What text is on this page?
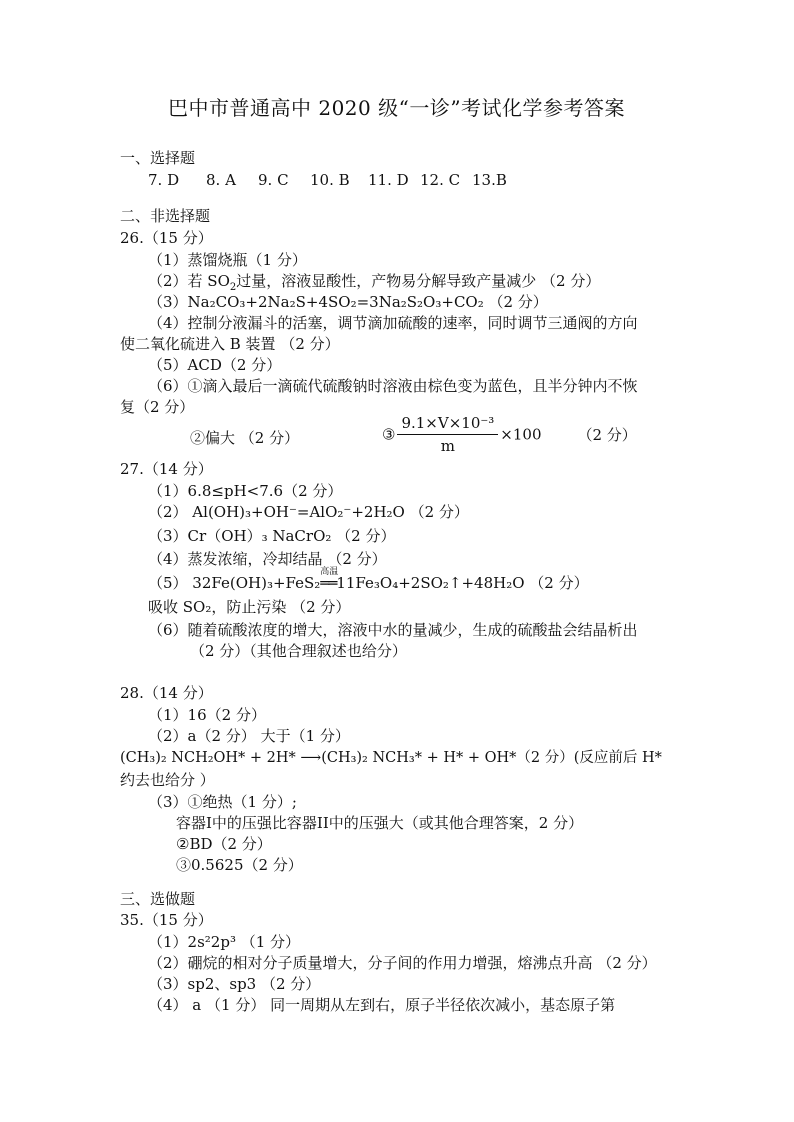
巴中市普通高中 2020 级“一诊”考试化学参考答案
一、选择题
7. D 8. A 9. C 10. B 11. D 12. C 13.B
二、非选择题
26.（15 分）
（1）蒸馏烧瓶（1 分）
（2）若 $SO_2$过量，溶液显酸性，产物易分解导致产量减少 （2 分）
（3）Na₂CO₃+2Na₂S+4SO₂=3Na₂S₂O₃+CO₂ （2 分）
（4）控制分液漏斗的活塞，调节滴加硫酸的速率，同时调节三通阀的方向
使二氧化硫进入 B 装置 （2 分）
（5）ACD（2 分）
（6）①滴入最后一滴硫代硫酸钠时溶液由棕色变为蓝色，且半分钟内不恢
复（2 分）
②偏大 （2 分）	③ $\frac{\text{9.1×V×10⁻³}}{m} \times 100$ （2 分）
27.（14 分）
（1）6.8≤pH<7.6（2 分）
（2） Al(OH)₃+OH⁻=AlO₂⁻+2H₂O （2 分）
（3）Cr（OH）₃ NaCrO₂ （2 分）
（4）蒸发浓缩，冷却结晶 （2 分）
（5） 32Fe(OH)₃+FeS₂
高温
══11Fe₃O₄+2SO₂↑+48H₂O （2 分）
吸收 SO₂，防止污染 （2 分）
（6）随着硫酸浓度的增大，溶液中水的量减少，生成的硫酸盐会结晶析出
（2 分）（其他合理叙述也给分）
28.（14 分）
（1）16（2 分）
（2）a（2 分） 大于（1 分）
(CH₃)₂ NCH₂OH* + 2H* ⟶(CH₃)₂ NCH₃* + H* + OH*（2 分）(反应前后 H*
约去也给分 ）
（3）①绝热（1 分）;
容器I中的压强比容器II中的压强大（或其他合理答案，2 分）
②BD（2 分）
③0.5625（2 分）
三、选做题
35.（15 分）
（1）2s²2p³ （1 分）
（2）硼烷的相对分子质量增大，分子间的作用力增强，熔沸点升高 （2 分）
（3）sp2、sp3 （2 分）
（4） a （1 分） 同一周期从左到右，原子半径依次减小，基态原子第
